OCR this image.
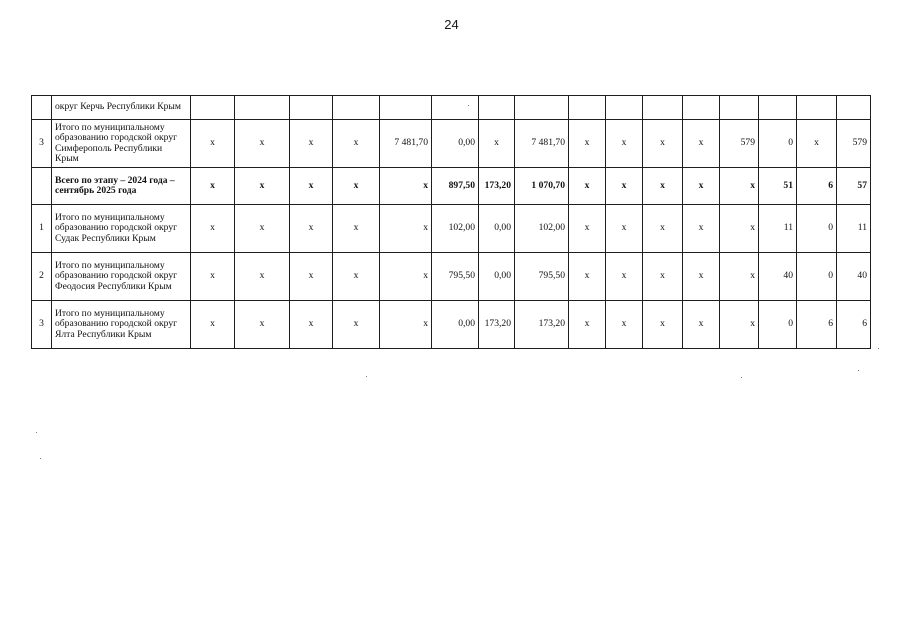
24
	округ Керчь Республики Крым																
3	Итого по муниципальному образованию городской округ Симферополь Республики Крым	x	x	x	x	7 481,70	0,00	x	7 481,70	x	x	x	x	579	0	x	579
	Всего по этапу – 2024 года – сентябрь 2025 года	x	x	x	x	x	897,50	173,20	1 070,70	x	x	x	x	x	51	6	57
1	Итого по муниципальному образованию городской округ Судак Республики Крым	x	x	x	x	x	102,00	0,00	102,00	x	x	x	x	x	11	0	11
2	Итого по муниципальному образованию городской округ Феодосия Республики Крым	x	x	x	x	x	795,50	0,00	795,50	x	x	x	x	x	40	0	40
3	Итого по муниципальному образованию городской округ Ялта Республики Крым	x	x	x	x	x	0,00	173,20	173,20	x	x	x	x	x	0	6	6
